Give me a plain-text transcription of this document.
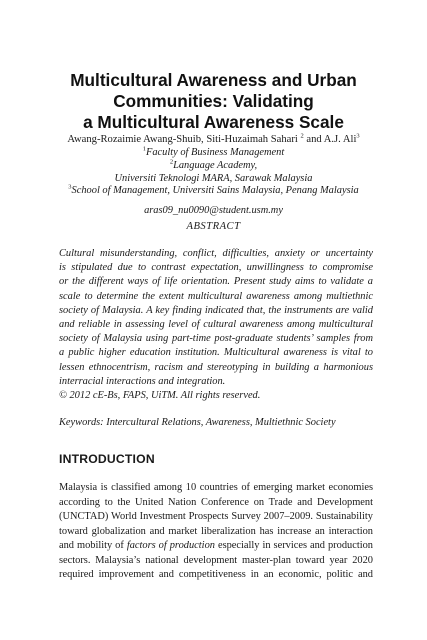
Multicultural Awareness and Urban
Communities: Validating
a Multicultural Awareness Scale
Awang-Rozaimie Awang-Shuib, Siti-Huzaimah Sahari $^2$ and A.J. Ali$^3$
$^1$Faculty of Business Management
$^2$Language Academy,
Universiti Teknologi MARA, Sarawak Malaysia
$^3$School of Management, Universiti Sains Malaysia, Penang Malaysia
aras09_nu0090@student.usm.my
ABSTRACT
Cultural misunderstanding, conflict, difficulties, anxiety or uncertainty
is stipulated due to contrast expectation, unwillingness to compromise
or the different ways of life orientation. Present study aims to validate a
scale to determine the extent multicultural awareness among multiethnic
society of Malaysia. A key finding indicated that, the instruments are valid
and reliable in assessing level of cultural awareness among multicultural
society of Malaysia using part-time post-graduate students’ samples from
a public higher education institution. Multicultural awareness is vital to
lessen ethnocentrism, racism and stereotyping in building a harmonious
interracial interactions and integration.
© 2012 cE-Bs, FAPS, UiTM. All rights reserved.
Keywords: Intercultural Relations, Awareness, Multiethnic Society
INTRODUCTION
Malaysia is classified among 10 countries of emerging market economies
according to the United Nation Conference on Trade and Development
(UNCTAD) World Investment Prospects Survey 2007–2009. Sustainability
toward globalization and market liberalization has increase an interaction
and mobility of factors of production especially in services and production
sectors. Malaysia’s national development master-plan toward year 2020
required improvement and competitiveness in an economic, politic and
